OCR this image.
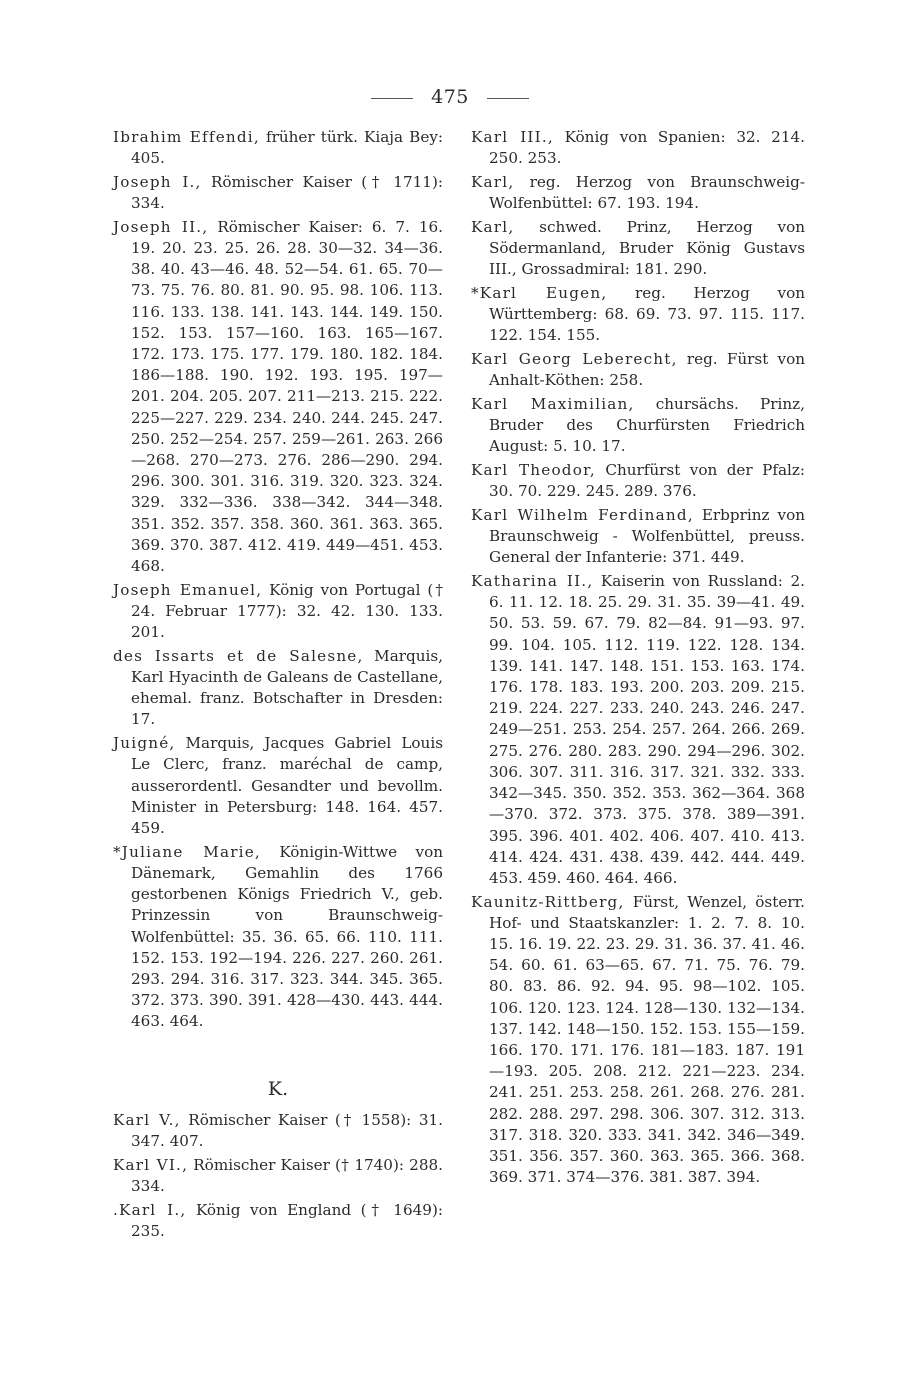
475
Ibrahim Effendi, früher türk. Kiaja Bey: 405.
Joseph I., Römischer Kaiser († 1711): 334.
Joseph II., Römischer Kaiser: 6. 7. 16. 19. 20. 23. 25. 26. 28. 30—32. 34—36. 38. 40. 43—46. 48. 52—54. 61. 65. 70—73. 75. 76. 80. 81. 90. 95. 98. 106. 113. 116. 133. 138. 141. 143. 144. 149. 150. 152. 153. 157—160. 163. 165—167. 172. 173. 175. 177. 179. 180. 182. 184. 186—188. 190. 192. 193. 195. 197—201. 204. 205. 207. 211—213. 215. 222. 225—227. 229. 234. 240. 244. 245. 247. 250. 252—254. 257. 259—261. 263. 266—268. 270—273. 276. 286—290. 294. 296. 300. 301. 316. 319. 320. 323. 324. 329. 332—336. 338—342. 344—348. 351. 352. 357. 358. 360. 361. 363. 365. 369. 370. 387. 412. 419. 449—451. 453. 468.
Joseph Emanuel, König von Portugal († 24. Februar 1777): 32. 42. 130. 133. 201.
des Issarts et de Salesne, Marquis, Karl Hyacinth de Galeans de Castellane, ehemal. franz. Botschafter in Dresden: 17.
Juigné, Marquis, Jacques Gabriel Louis Le Clerc, franz. maréchal de camp, ausserordentl. Gesandter und bevollm. Minister in Petersburg: 148. 164. 457. 459.
*Juliane Marie, Königin-Wittwe von Dänemark, Gemahlin des 1766 gestorbenen Königs Friedrich V., geb. Prinzessin von Braunschweig-Wolfenbüttel: 35. 36. 65. 66. 110. 111. 152. 153. 192—194. 226. 227. 260. 261. 293. 294. 316. 317. 323. 344. 345. 365. 372. 373. 390. 391. 428—430. 443. 444. 463. 464.
K.
Karl V., Römischer Kaiser († 1558): 31. 347. 407.
Karl VI., Römischer Kaiser († 1740): 288. 334.
.Karl I., König von England († 1649): 235.
Karl III., König von Spanien: 32. 214. 250. 253.
Karl, reg. Herzog von Braunschweig-Wolfenbüttel: 67. 193. 194.
Karl, schwed. Prinz, Herzog von Södermanland, Bruder König Gustavs III., Grossadmiral: 181. 290.
*Karl Eugen, reg. Herzog von Württemberg: 68. 69. 73. 97. 115. 117. 122. 154. 155.
Karl Georg Leberecht, reg. Fürst von Anhalt-Köthen: 258.
Karl Maximilian, chursächs. Prinz, Bruder des Churfürsten Friedrich August: 5. 10. 17.
Karl Theodor, Churfürst von der Pfalz: 30. 70. 229. 245. 289. 376.
Karl Wilhelm Ferdinand, Erbprinz von Braunschweig - Wolfenbüttel, preuss. General der Infanterie: 371. 449.
Katharina II., Kaiserin von Russland: 2. 6. 11. 12. 18. 25. 29. 31. 35. 39—41. 49. 50. 53. 59. 67. 79. 82—84. 91—93. 97. 99. 104. 105. 112. 119. 122. 128. 134. 139. 141. 147. 148. 151. 153. 163. 174. 176. 178. 183. 193. 200. 203. 209. 215. 219. 224. 227. 233. 240. 243. 246. 247. 249—251. 253. 254. 257. 264. 266. 269. 275. 276. 280. 283. 290. 294—296. 302. 306. 307. 311. 316. 317. 321. 332. 333. 342—345. 350. 352. 353. 362—364. 368—370. 372. 373. 375. 378. 389—391. 395. 396. 401. 402. 406. 407. 410. 413. 414. 424. 431. 438. 439. 442. 444. 449. 453. 459. 460. 464. 466.
Kaunitz-Rittberg, Fürst, Wenzel, österr. Hof- und Staatskanzler: 1. 2. 7. 8. 10. 15. 16. 19. 22. 23. 29. 31. 36. 37. 41. 46. 54. 60. 61. 63—65. 67. 71. 75. 76. 79. 80. 83. 86. 92. 94. 95. 98—102. 105. 106. 120. 123. 124. 128—130. 132—134. 137. 142. 148—150. 152. 153. 155—159. 166. 170. 171. 176. 181—183. 187. 191—193. 205. 208. 212. 221—223. 234. 241. 251. 253. 258. 261. 268. 276. 281. 282. 288. 297. 298. 306. 307. 312. 313. 317. 318. 320. 333. 341. 342. 346—349. 351. 356. 357. 360. 363. 365. 366. 368. 369. 371. 374—376. 381. 387. 394.
